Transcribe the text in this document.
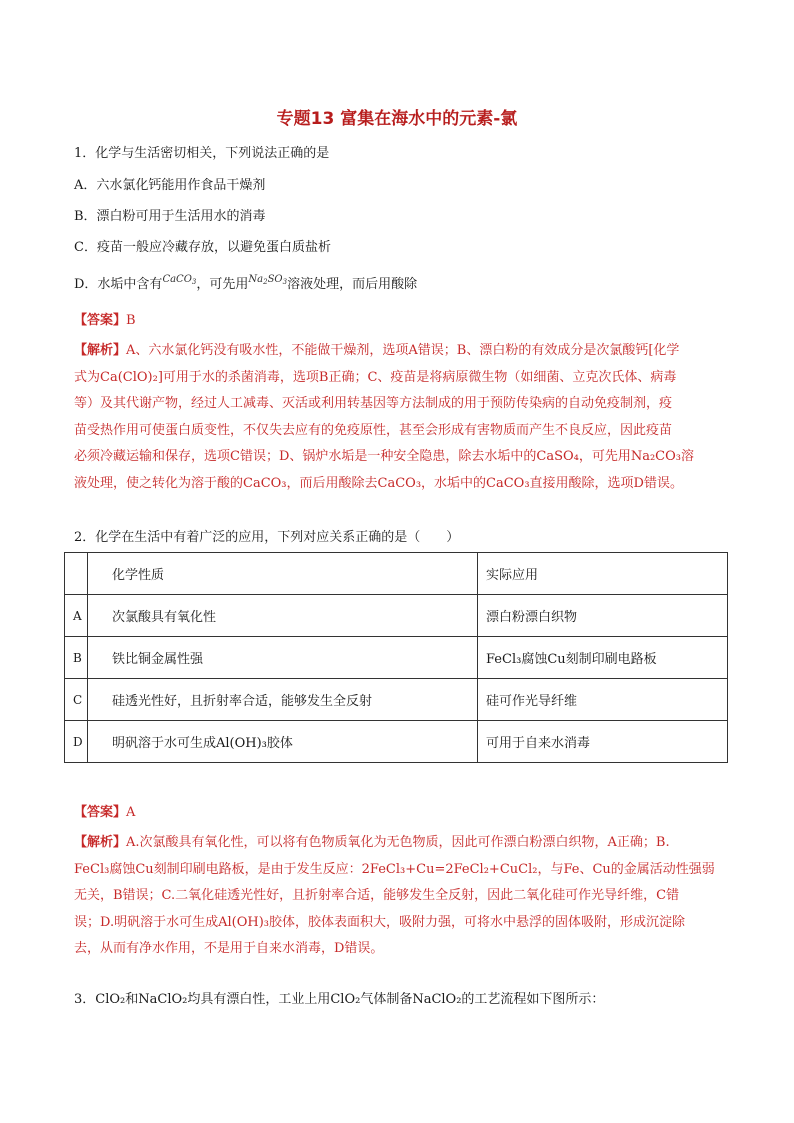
专题13 富集在海水中的元素-氯
1．化学与生活密切相关，下列说法正确的是
A．六水氯化钙能用作食品干燥剂
B．漂白粉可用于生活用水的消毒
C．疫苗一般应冷藏存放，以避免蛋白质盐析
D．水垢中含有$^{CaCO_3}$，可先用$^{Na_2SO_3}$溶液处理，而后用酸除
【答案】B

【解析】A、六水氯化钙没有吸水性，不能做干燥剂，选项A错误；B、漂白粉的有效成分是次氯酸钙[化学

式为Ca(ClO)₂]可用于水的杀菌消毒，选项B正确；C、疫苗是将病原微生物（如细菌、立克次氏体、病毒

等）及其代谢产物，经过人工减毒、灭活或利用转基因等方法制成的用于预防传染病的自动免疫制剂，疫

苗受热作用可使蛋白质变性，不仅失去应有的免疫原性，甚至会形成有害物质而产生不良反应，因此疫苗

必须冷藏运输和保存，选项C错误；D、锅炉水垢是一种安全隐患，除去水垢中的CaSO₄，可先用Na₂CO₃溶

液处理，使之转化为溶于酸的CaCO₃，而后用酸除去CaCO₃，水垢中的CaCO₃直接用酸除，选项D错误。

2．化学在生活中有着广泛的应用，下列对应关系正确的是（　　）
	化学性质	实际应用
A	次氯酸具有氧化性	漂白粉漂白织物
B	铁比铜金属性强	FeCl₃腐蚀Cu刻制印刷电路板
C	硅透光性好，且折射率合适，能够发生全反射	硅可作光导纤维
D	明矾溶于水可生成Al(OH)₃胶体	可用于自来水消毒
【答案】A

【解析】A.次氯酸具有氧化性，可以将有色物质氧化为无色物质，因此可作漂白粉漂白织物，A正确；B.

FeCl₃腐蚀Cu刻制印刷电路板，是由于发生反应：2FeCl₃+Cu=2FeCl₂+CuCl₂，与Fe、Cu的金属活动性强弱

无关，B错误；C.二氧化硅透光性好，且折射率合适，能够发生全反射，因此二氧化硅可作光导纤维，C错

误；D.明矾溶于水可生成Al(OH)₃胶体，胶体表面积大，吸附力强，可将水中悬浮的固体吸附，形成沉淀除

去，从而有净水作用，不是用于自来水消毒，D错误。

3．ClO₂和NaClO₂均具有漂白性，工业上用ClO₂气体制备NaClO₂的工艺流程如下图所示：
